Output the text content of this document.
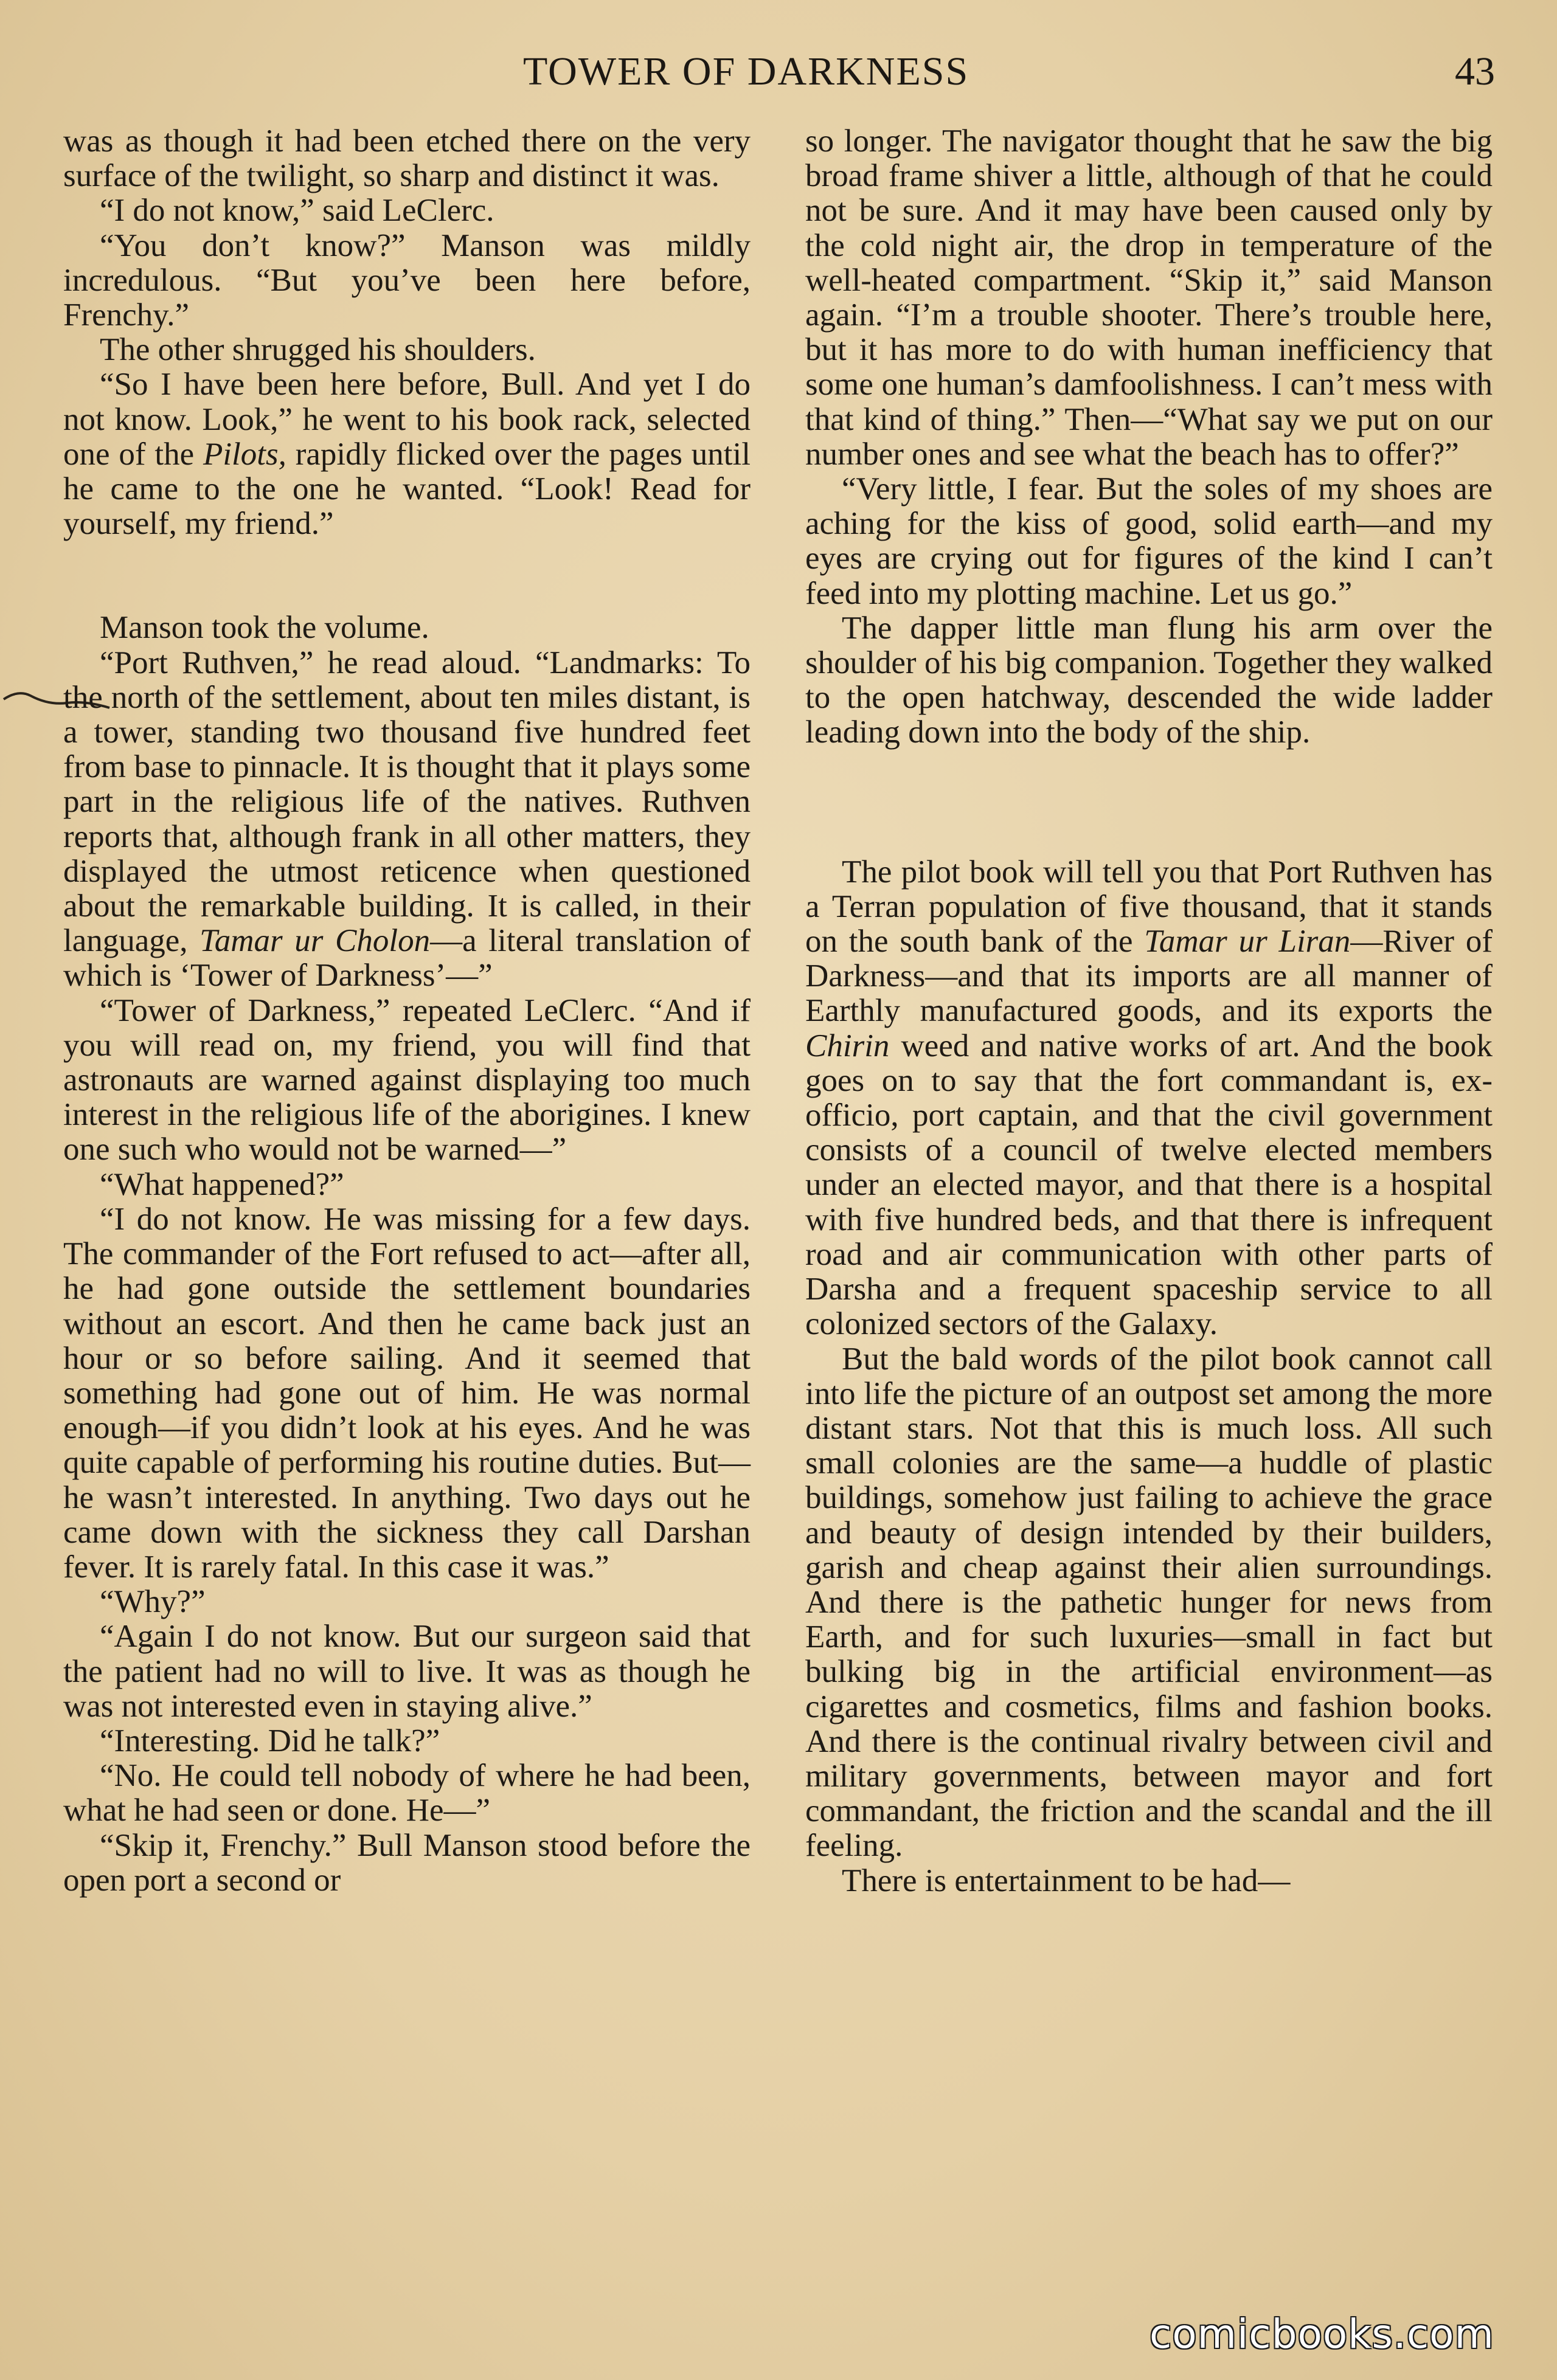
TOWER OF DARKNESS	43

was as though it had been etched there on the very surface of the twilight, so sharp and distinct it was.

“I do not know,” said LeClerc.

“You don’t know?” Manson was mildly incredulous. “But you’ve been here before, Frenchy.”

The other shrugged his shoulders.

“So I have been here before, Bull. And yet I do not know. Look,” he went to his book rack, selected one of the Pilots, rapidly flicked over the pages until he came to the one he wanted. “Look! Read for yourself, my friend.”

Manson took the volume.

“Port Ruthven,” he read aloud. “Landmarks: To the north of the settlement, about ten miles distant, is a tower, standing two thousand five hundred feet from base to pinnacle. It is thought that it plays some part in the religious life of the natives. Ruthven reports that, although frank in all other matters, they displayed the utmost reticence when questioned about the remarkable building. It is called, in their language, Tamar ur Cholon—a literal translation of which is ‘Tower of Darkness’—”

“Tower of Darkness,” repeated LeClerc. “And if you will read on, my friend, you will find that astronauts are warned against displaying too much interest in the religious life of the aborigines. I knew one such who would not be warned—”

“What happened?”

“I do not know. He was missing for a few days. The commander of the Fort refused to act—after all, he had gone outside the settlement boundaries without an escort. And then he came back just an hour or so before sailing. And it seemed that something had gone out of him. He was normal enough—if you didn’t look at his eyes. And he was quite capable of performing his routine duties. But—he wasn’t interested. In anything. Two days out he came down with the sickness they call Darshan fever. It is rarely fatal. In this case it was.”

“Why?”

“Again I do not know. But our surgeon said that the patient had no will to live. It was as though he was not interested even in staying alive.”

“Interesting. Did he talk?”

“No. He could tell nobody of where he had been, what he had seen or done. He—”

“Skip it, Frenchy.” Bull Manson stood before the open port a second or

so longer. The navigator thought that he saw the big broad frame shiver a little, although of that he could not be sure. And it may have been caused only by the cold night air, the drop in temperature of the well-heated compartment. “Skip it,” said Manson again. “I’m a trouble shooter. There’s trouble here, but it has more to do with human inefficiency that some one human’s damfoolishness. I can’t mess with that kind of thing.” Then—“What say we put on our number ones and see what the beach has to offer?”

“Very little, I fear. But the soles of my shoes are aching for the kiss of good, solid earth—and my eyes are crying out for figures of the kind I can’t feed into my plotting machine. Let us go.”

The dapper little man flung his arm over the shoulder of his big companion. Together they walked to the open hatchway, descended the wide ladder leading down into the body of the ship.

The pilot book will tell you that Port Ruthven has a Terran population of five thousand, that it stands on the south bank of the Tamar ur Liran—River of Darkness—and that its imports are all manner of Earthly manufactured goods, and its exports the Chirin weed and native works of art. And the book goes on to say that the fort commandant is, ex-officio, port captain, and that the civil government consists of a council of twelve elected members under an elected mayor, and that there is a hospital with five hundred beds, and that there is infrequent road and air communication with other parts of Darsha and a frequent spaceship service to all colonized sectors of the Galaxy.

But the bald words of the pilot book cannot call into life the picture of an outpost set among the more distant stars. Not that this is much loss. All such small colonies are the same—a huddle of plastic buildings, somehow just failing to achieve the grace and beauty of design intended by their builders, garish and cheap against their alien surroundings. And there is the pathetic hunger for news from Earth, and for such luxuries—small in fact but bulking big in the artificial environment—as cigarettes and cosmetics, films and fashion books. And there is the continual rivalry between civil and military governments, between mayor and fort commandant, the friction and the scandal and the ill feeling.

There is entertainment to be had—

comicbooks.com
